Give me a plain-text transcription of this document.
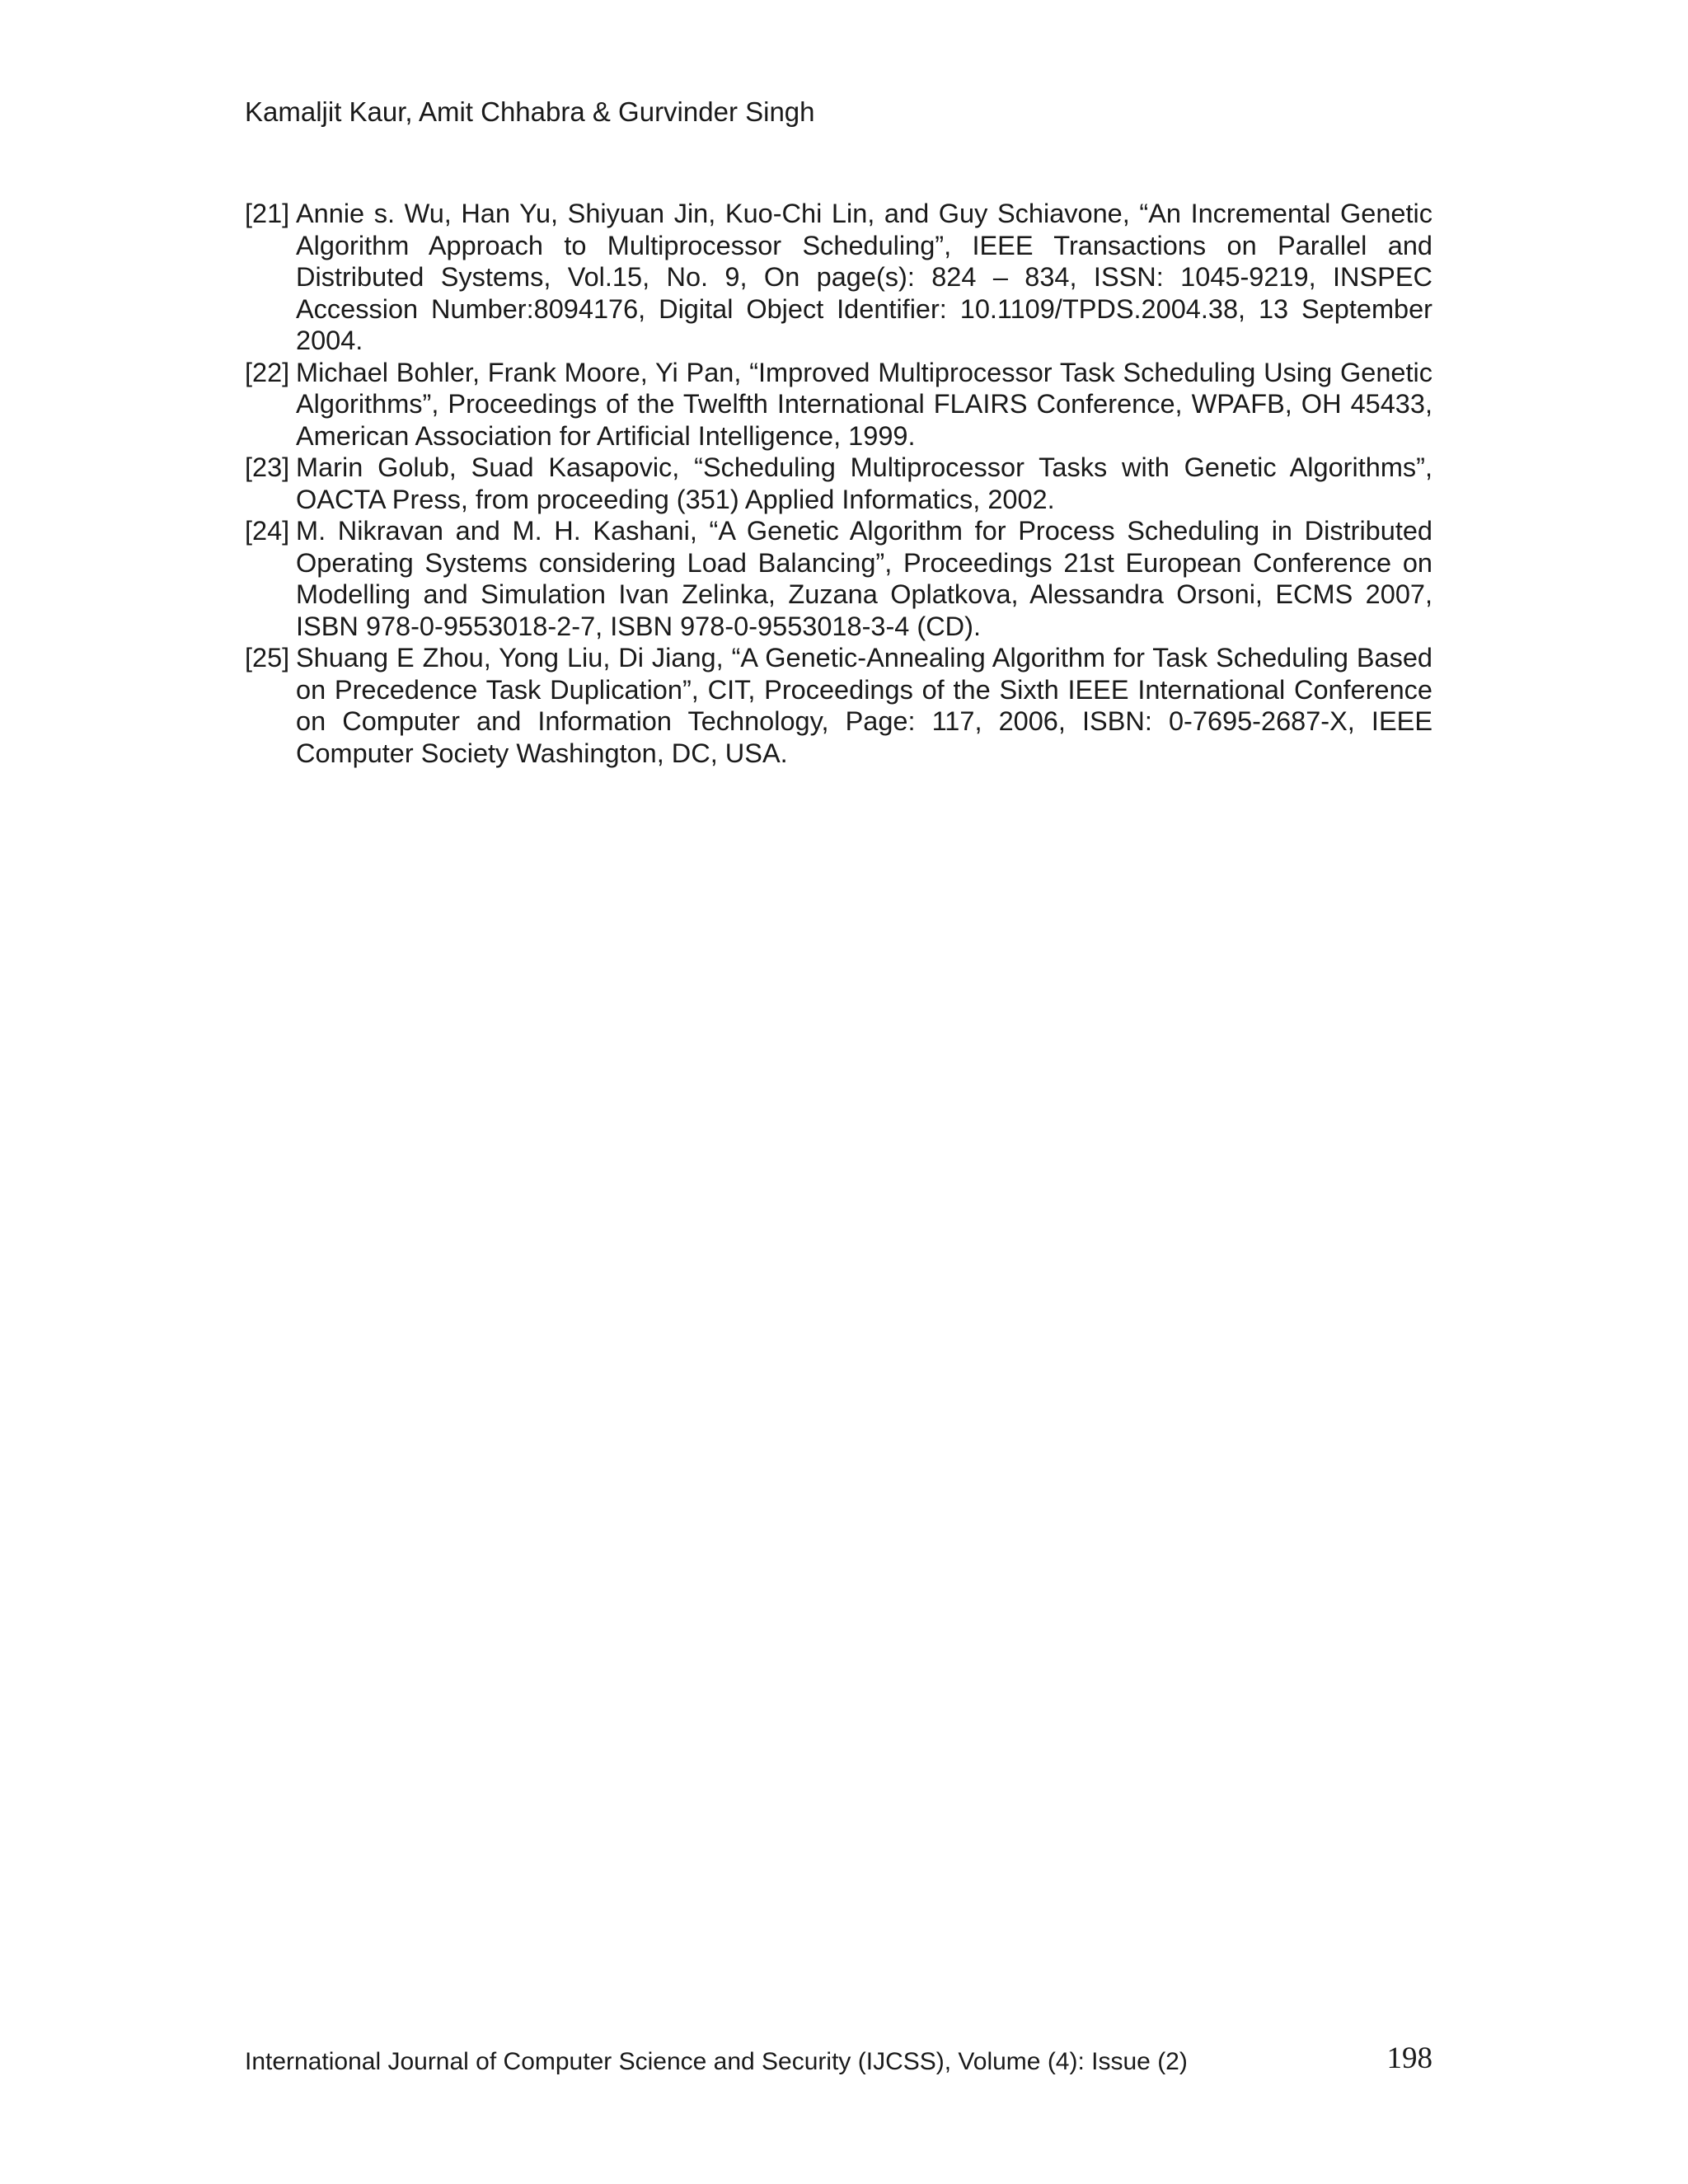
Kamaljit Kaur, Amit Chhabra & Gurvinder Singh
[21] Annie s. Wu, Han Yu, Shiyuan Jin, Kuo-Chi Lin, and Guy Schiavone, “An Incremental Genetic Algorithm Approach to Multiprocessor Scheduling”, IEEE Transactions on Parallel and Distributed Systems, Vol.15, No. 9, On page(s): 824 – 834, ISSN: 1045-9219, INSPEC Accession Number:8094176, Digital Object Identifier: 10.1109/TPDS.2004.38, 13 September 2004.
[22] Michael Bohler, Frank Moore, Yi Pan, “Improved Multiprocessor Task Scheduling Using Genetic Algorithms”, Proceedings of the Twelfth International FLAIRS Conference, WPAFB, OH 45433, American Association for Artificial Intelligence, 1999.
[23] Marin Golub, Suad Kasapovic, “Scheduling Multiprocessor Tasks with Genetic Algorithms”, OACTA Press, from proceeding (351) Applied Informatics, 2002.
[24] M. Nikravan and M. H. Kashani, “A Genetic Algorithm for Process Scheduling in Distributed Operating Systems considering Load Balancing”, Proceedings 21st European Conference on Modelling and Simulation Ivan Zelinka, Zuzana Oplatkova, Alessandra Orsoni, ECMS 2007, ISBN 978-0-9553018-2-7, ISBN 978-0-9553018-3-4 (CD).
[25] Shuang E Zhou, Yong Liu, Di Jiang, “A Genetic-Annealing Algorithm for Task Scheduling Based on Precedence Task Duplication”, CIT, Proceedings of the Sixth IEEE International Conference on Computer and Information Technology, Page: 117, 2006, ISBN: 0-7695-2687-X, IEEE Computer Society Washington, DC, USA.
International Journal of Computer Science and Security (IJCSS), Volume (4): Issue (2)	198
